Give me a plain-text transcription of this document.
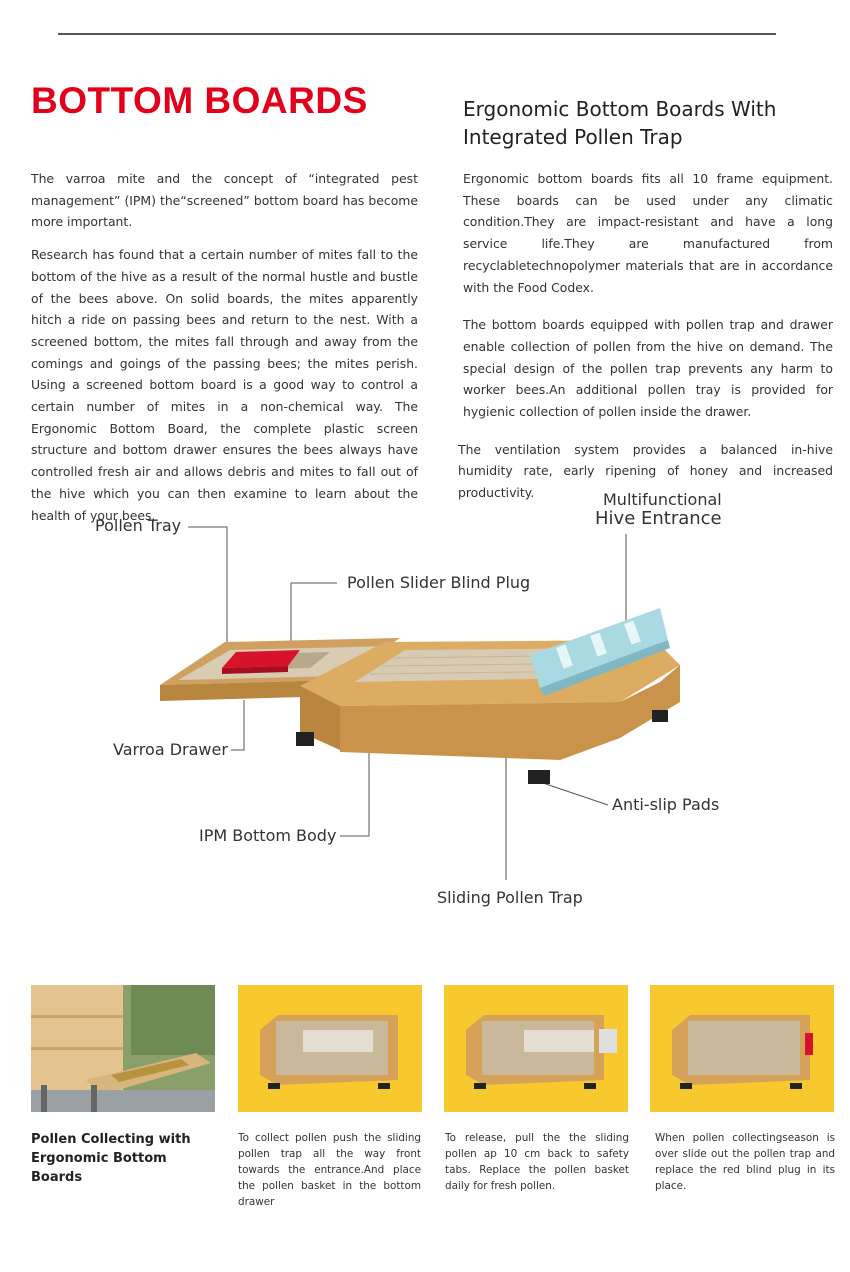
BOTTOM BOARDS	Ergonomic Bottom Boards With Integrated Pollen Trap

The varroa mite and the concept of “integrated pest management” (IPM) the“screened” bottom board has become more important.

Research has found that a certain number of mites fall to the bottom of the hive as a result of the normal hustle and bustle of the bees above. On solid boards, the mites apparently hitch a ride on passing bees and return to the nest. With a screened bottom, the mites fall through and away from the comings and goings of the passing bees; the mites perish. Using a screened bottom board is a good way to control a certain number of mites in a non-chemical way. The Ergonomic Bottom Board, the complete plastic screen structure and bottom drawer ensures the bees always have controlled fresh air and allows debris and mites to fall out of the hive which you can then examine to learn about the health of your bees.

Ergonomic bottom boards fits all 10 frame equipment. These boards can be used under any climatic condition.They are impact-resistant and have a long service life.They are manufactured from recyclabletechnopolymer materials that are in accordance with the Food Codex.

The bottom boards equipped with pollen trap and drawer enable collection of pollen from the hive on demand. The special design of the pollen trap prevents any harm to worker bees.An additional pollen tray is provided for hygienic collection of pollen inside the drawer.

The ventilation system provides a balanced in-hive humidity rate, early ripening of honey and increased productivity.

Pollen Tray
Multifunctional
Hive Entrance
Pollen Slider Blind Plug
Varroa Drawer
Anti-slip Pads
IPM Bottom Body
Sliding Pollen Trap
Pollen Collecting with Ergonomic Bottom Boards
To collect pollen push the sliding pollen trap all the way front towards the entrance.And place the pollen basket in the bottom drawer
To release, pull the the sliding pollen ap 10 cm back to safety tabs. Replace the pollen basket daily for fresh pollen.
When pollen collectingseason is over slide out the pollen trap and replace the red blind plug in its place.
